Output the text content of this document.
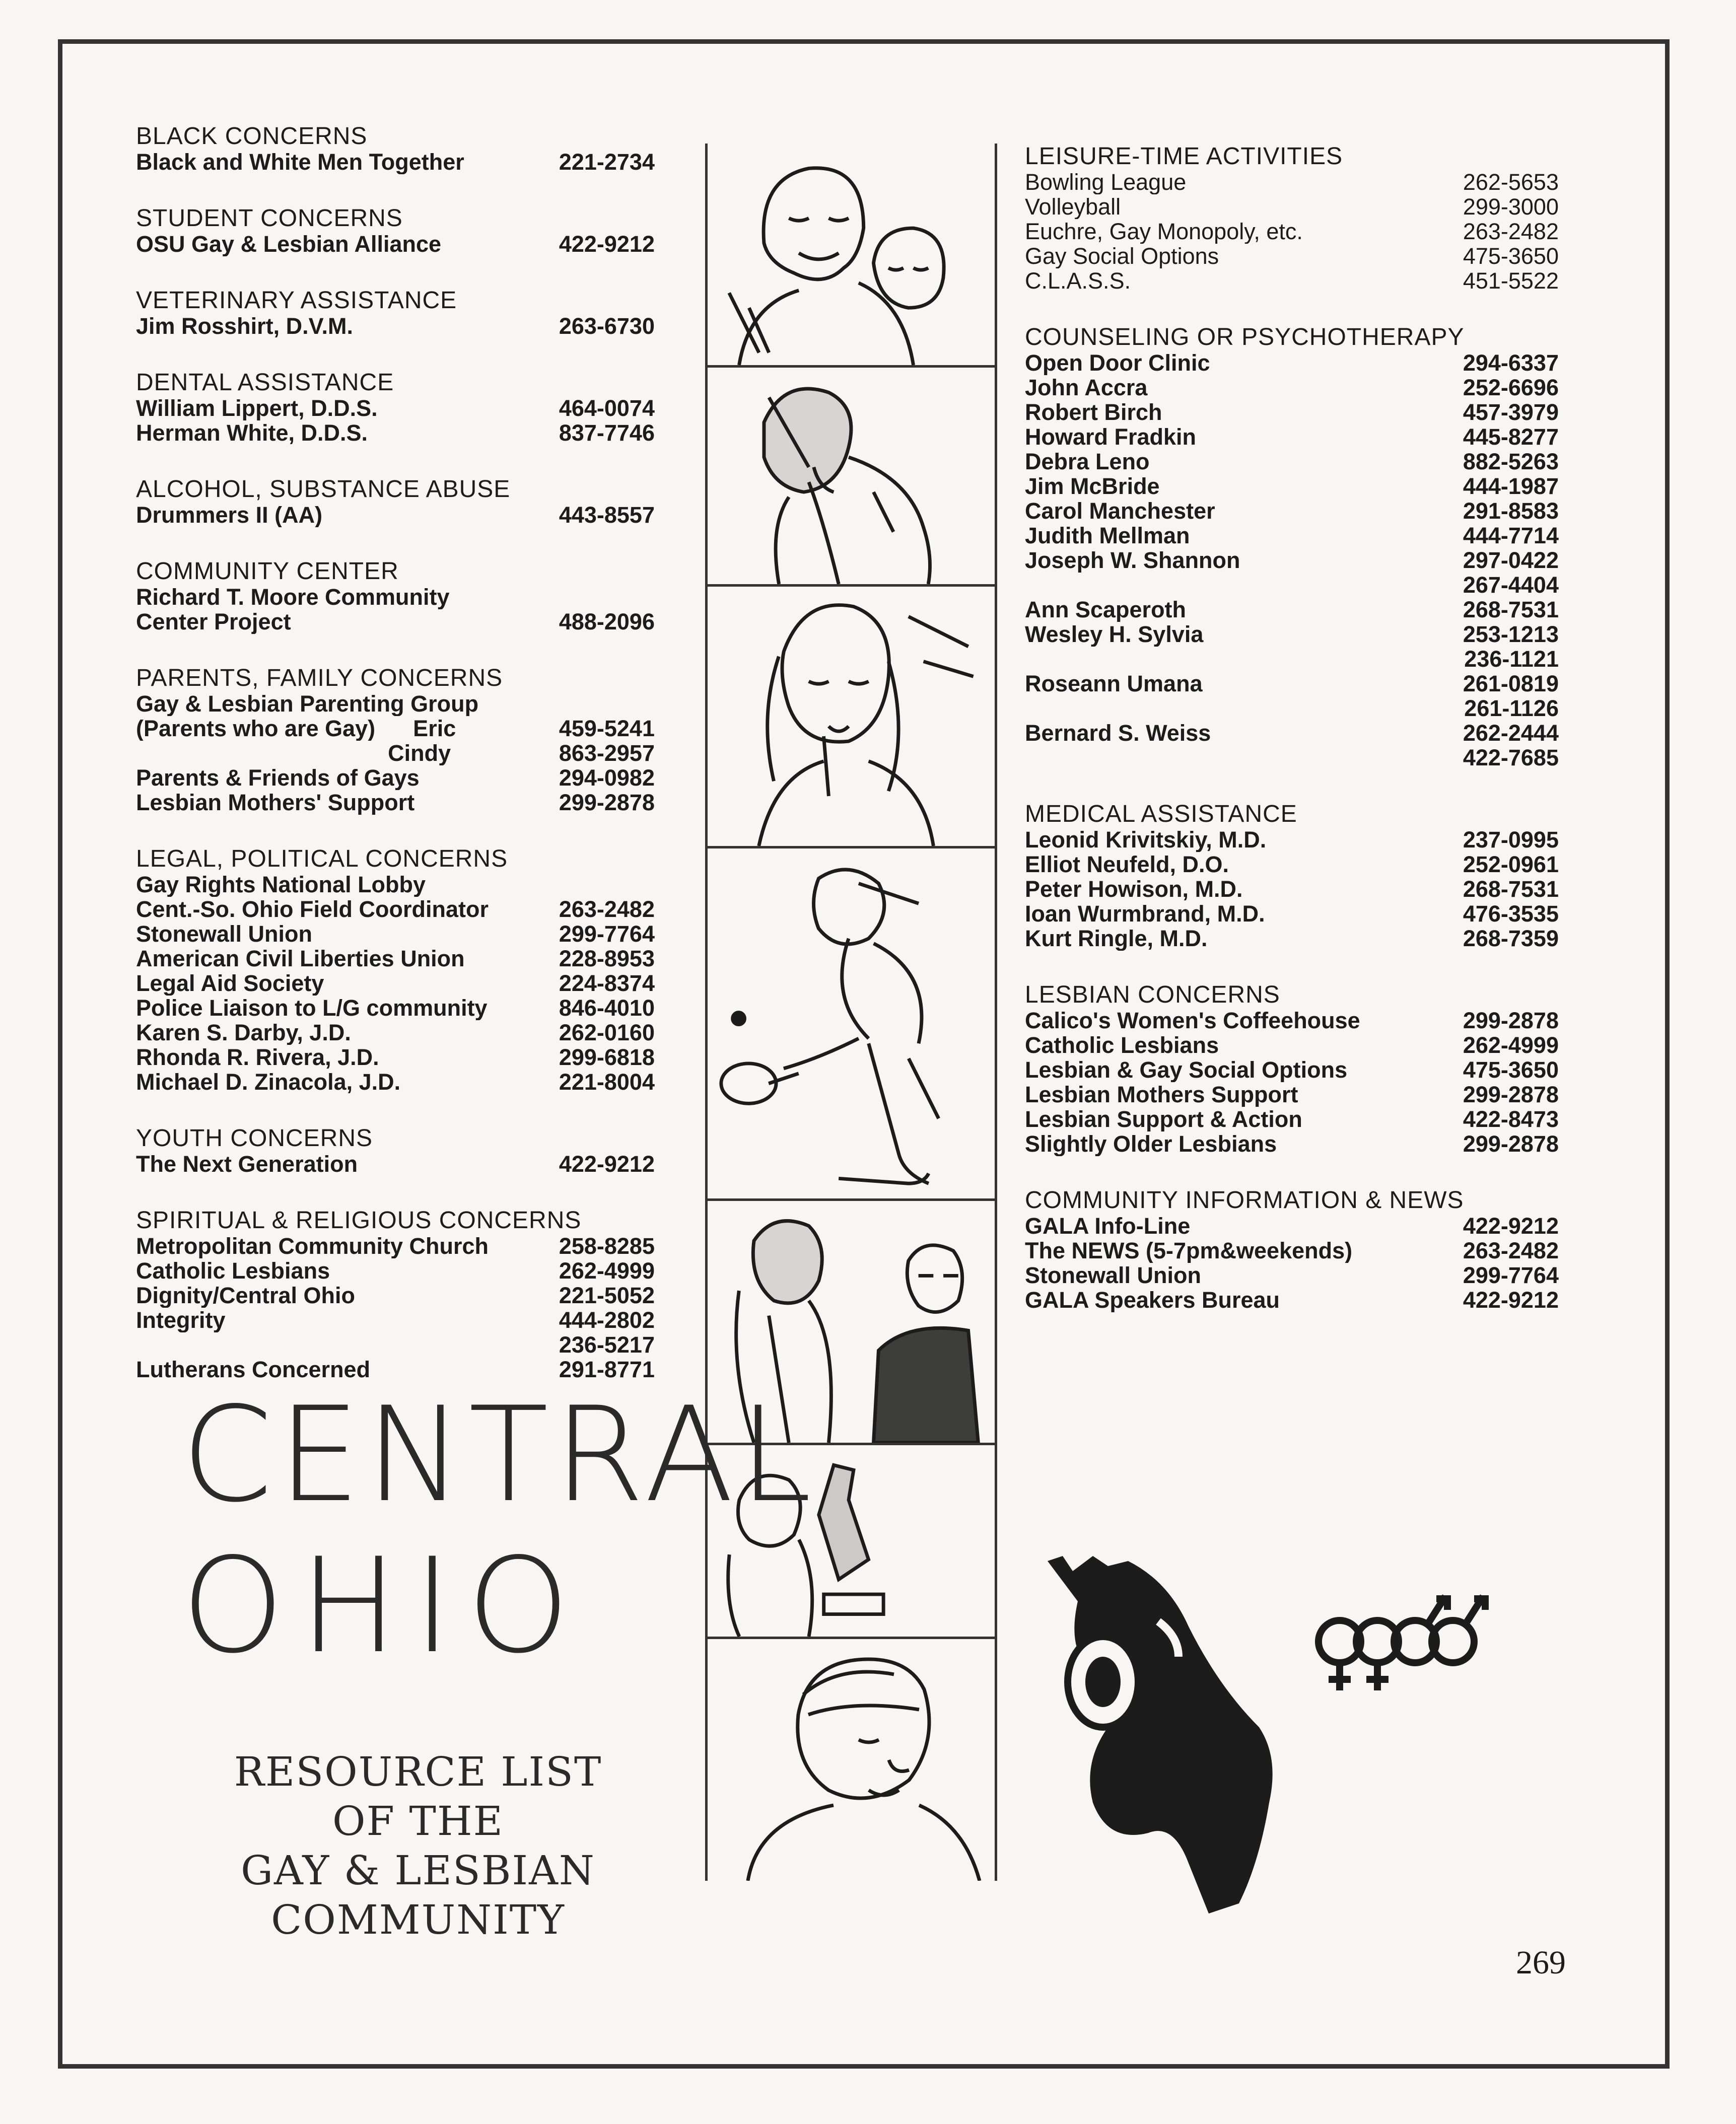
BLACK CONCERNS
Black and White Men Together	221-2734
STUDENT CONCERNS
OSU Gay & Lesbian Alliance	422-9212
VETERINARY ASSISTANCE
Jim Rosshirt, D.V.M.	263-6730
DENTAL ASSISTANCE
William Lippert, D.D.S.	464-0074
Herman White, D.D.S.	837-7746
ALCOHOL, SUBSTANCE ABUSE
Drummers II (AA)	443-8557
COMMUNITY CENTER
Richard T. Moore Community
Center Project	488-2096
PARENTS, FAMILY CONCERNS
Gay & Lesbian Parenting Group
(Parents who are Gay)      Eric	459-5241
Cindy	863-2957
Parents & Friends of Gays	294-0982
Lesbian Mothers' Support	299-2878
LEGAL, POLITICAL CONCERNS
Gay Rights National Lobby
Cent.-So. Ohio Field Coordinator	263-2482
Stonewall Union	299-7764
American Civil Liberties Union	228-8953
Legal Aid Society	224-8374
Police Liaison to L/G community	846-4010
Karen S. Darby, J.D.	262-0160
Rhonda R. Rivera, J.D.	299-6818
Michael D. Zinacola, J.D.	221-8004
YOUTH CONCERNS
The Next Generation	422-9212
SPIRITUAL & RELIGIOUS CONCERNS
Metropolitan Community Church	258-8285
Catholic Lesbians	262-4999
Dignity/Central Ohio	221-5052
Integrity	444-2802
236-5217
Lutherans Concerned	291-8771
LEISURE-TIME ACTIVITIES
Bowling League	262-5653
Volleyball	299-3000
Euchre, Gay Monopoly, etc.	263-2482
Gay Social Options	475-3650
C.L.A.S.S.	451-5522
COUNSELING OR PSYCHOTHERAPY
Open Door Clinic	294-6337
John Accra	252-6696
Robert Birch	457-3979
Howard Fradkin	445-8277
Debra Leno	882-5263
Jim McBride	444-1987
Carol Manchester	291-8583
Judith Mellman	444-7714
Joseph W. Shannon	297-0422
267-4404
Ann Scaperoth	268-7531
Wesley H. Sylvia	253-1213
236-1121
Roseann Umana	261-0819
261-1126
Bernard S. Weiss	262-2444
422-7685
MEDICAL ASSISTANCE
Leonid Krivitskiy, M.D.	237-0995
Elliot Neufeld, D.O.	252-0961
Peter Howison, M.D.	268-7531
Ioan Wurmbrand, M.D.	476-3535
Kurt Ringle, M.D.	268-7359
LESBIAN CONCERNS
Calico's Women's Coffeehouse	299-2878
Catholic Lesbians	262-4999
Lesbian & Gay Social Options	475-3650
Lesbian Mothers Support	299-2878
Lesbian Support & Action	422-8473
Slightly Older Lesbians	299-2878
COMMUNITY INFORMATION & NEWS
GALA Info-Line	422-9212
The NEWS (5-7pm&weekends)	263-2482
Stonewall Union	299-7764
GALA Speakers Bureau	422-9212
CENTRAL
OHIO
RESOURCE LIST
OF THE
GAY & LESBIAN
COMMUNITY
269
